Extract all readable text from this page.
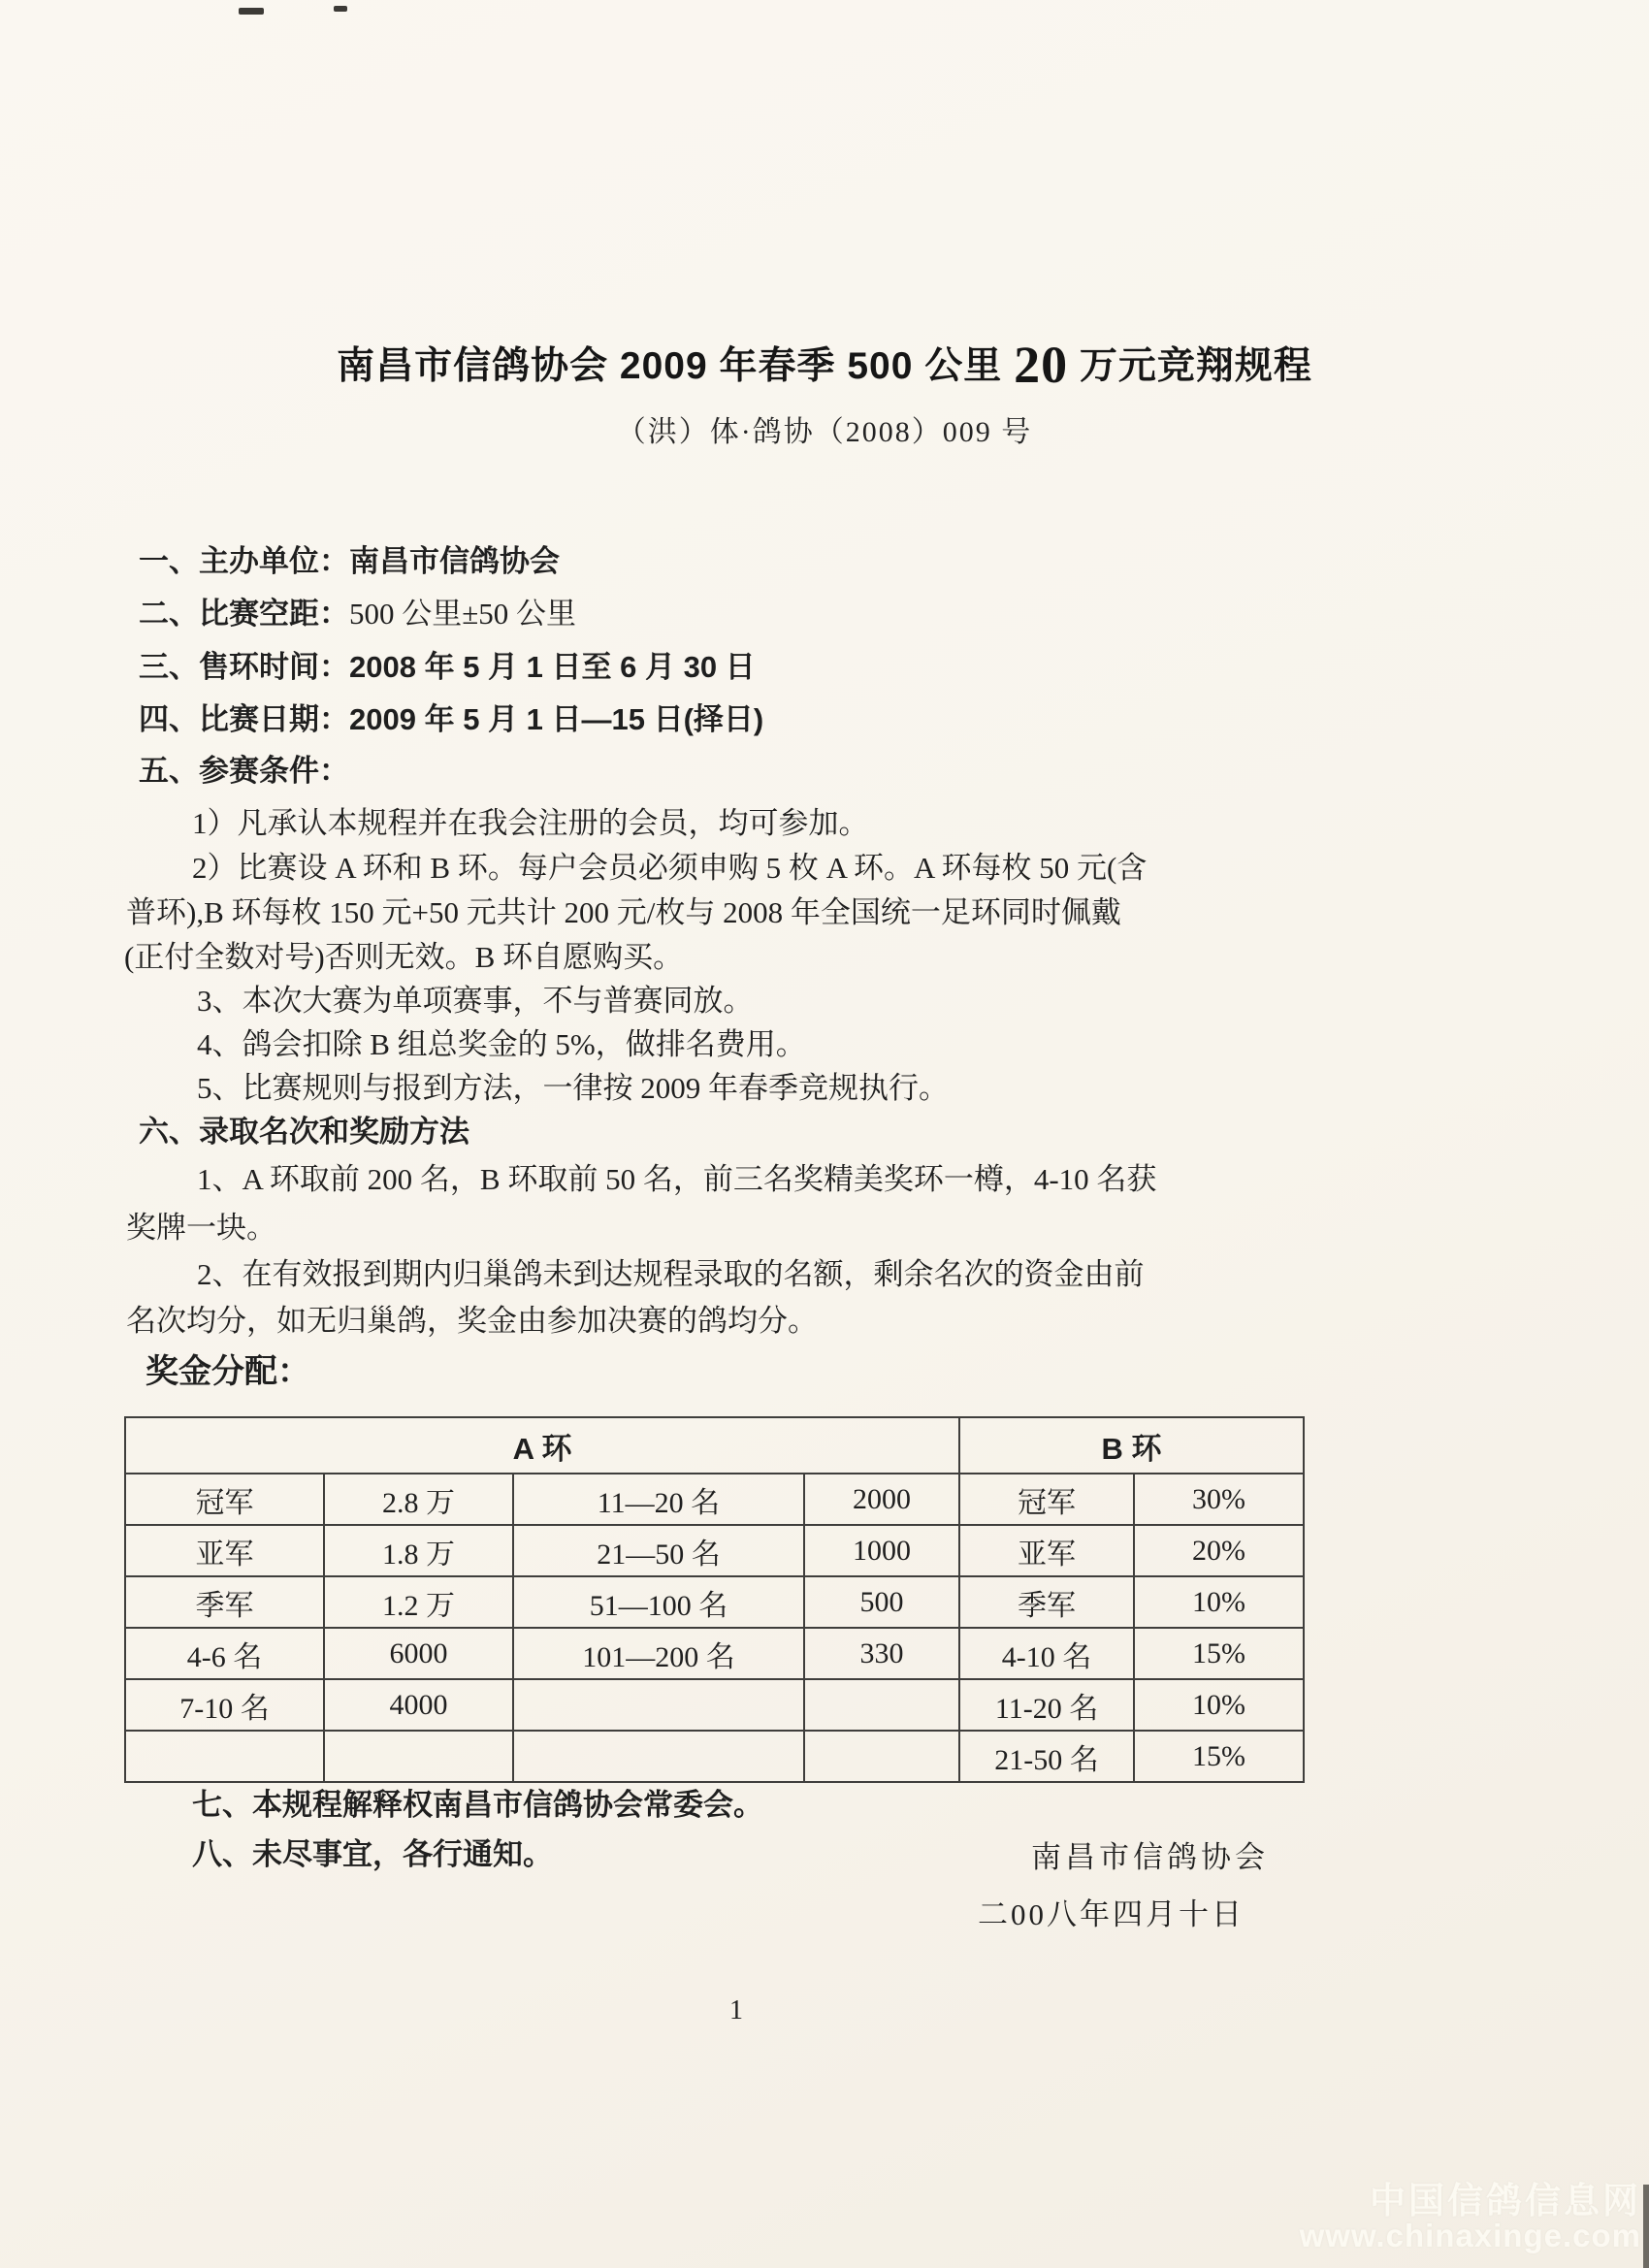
南昌市信鸽协会 2009 年春季 500 公里 20 万元竞翔规程
（洪）体·鸽协（2008）009 号
一、主办单位：南昌市信鸽协会
二、比赛空距：500 公里±50 公里
三、售环时间：2008 年 5 月 1 日至 6 月 30 日
四、比赛日期：2009 年 5 月 1 日—15 日(择日)
五、参赛条件：
1）凡承认本规程并在我会注册的会员，均可参加。
2）比赛设 A 环和 B 环。每户会员必须申购 5 枚 A 环。A 环每枚 50 元(含
普环),B 环每枚 150 元+50 元共计 200 元/枚与 2008 年全国统一足环同时佩戴
(正付全数对号)否则无效。B 环自愿购买。
3、本次大赛为单项赛事，不与普赛同放。
4、鸽会扣除 B 组总奖金的 5%，做排名费用。
5、比赛规则与报到方法，一律按 2009 年春季竞规执行。
六、录取名次和奖励方法
1、A 环取前 200 名，B 环取前 50 名，前三名奖精美奖环一樽，4-10 名获
奖牌一块。
2、在有效报到期内归巢鸽未到达规程录取的名额，剩余名次的资金由前
名次均分，如无归巢鸽，奖金由参加决赛的鸽均分。
奖金分配：
A 环				B 环	
冠军	2.8 万	11—20 名	2000	冠军	30%
亚军	1.8 万	21—50 名	1000	亚军	20%
季军	1.2 万	51—100 名	500	季军	10%
4-6 名	6000	101—200 名	330	4-10 名	15%
7-10 名	4000			11-20 名	10%
				21-50 名	15%
七、本规程解释权南昌市信鸽协会常委会。
八、未尽事宜，各行通知。	南昌市信鸽协会
二00八年四月十日
1
中国信鸽信息网
www.chinaxinge.com
